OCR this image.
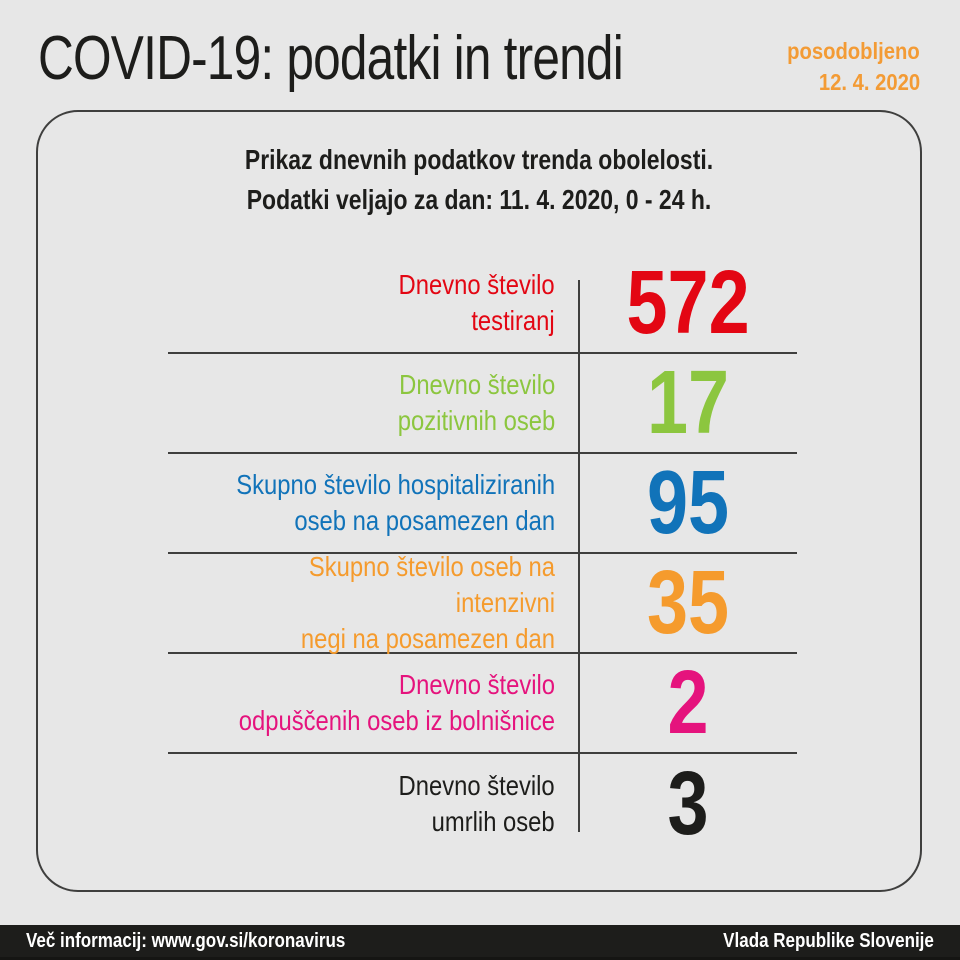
COVID-19: podatki in trendi	posodobljeno
12. 4. 2020
Prikaz dnevnih podatkov trenda obolelosti.
Podatki veljajo za dan: 11. 4. 2020, 0 - 24 h.
Dnevno število
testiranj 572
Dnevno število
pozitivnih oseb 17
Skupno število hospitaliziranih
oseb na posamezen dan 95
Skupno število oseb na intenzivni
negi na posamezen dan 35
Dnevno število
odpuščenih oseb iz bolnišnice 2
Dnevno število
umrlih oseb 3
Več informacij: www.gov.si/koronavirus	Vlada Republike Slovenije
